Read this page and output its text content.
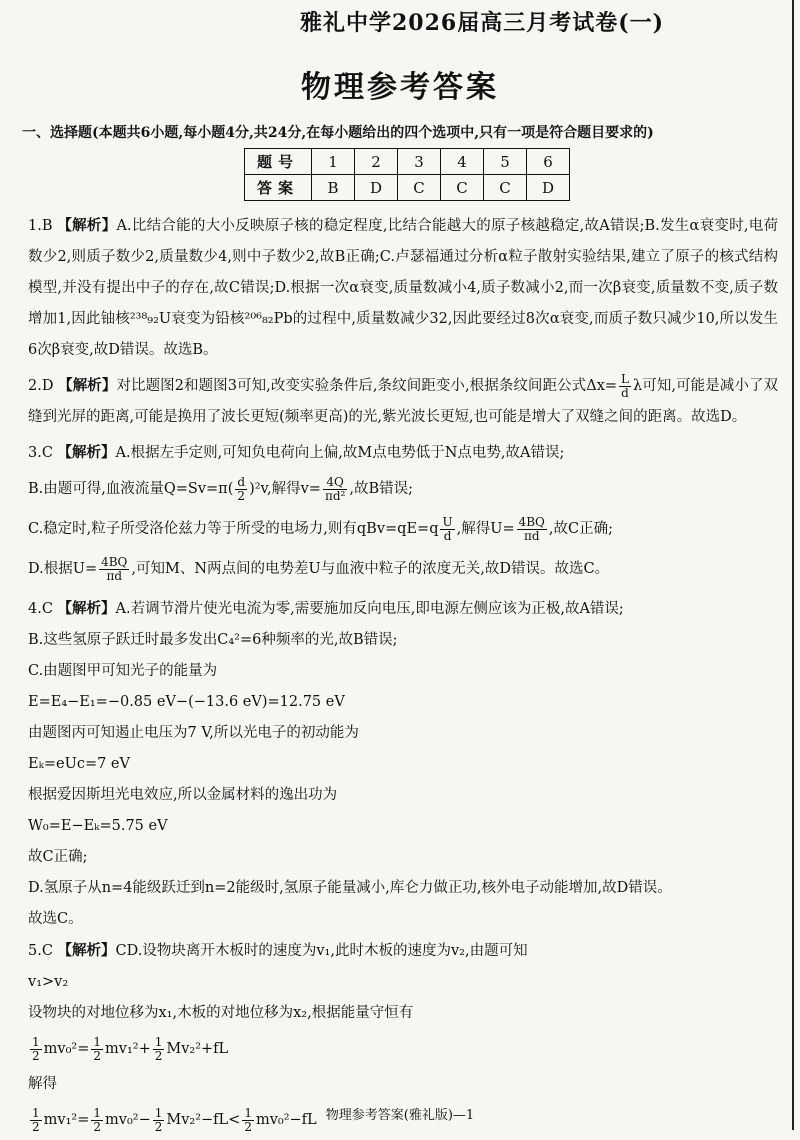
雅礼中学2026届高三月考试卷(一)
物理参考答案
一、选择题(本题共6小题,每小题4分,共24分,在每小题给出的四个选项中,只有一项是符合题目要求的)
题号	1	2	3	4	5	6
答案	B	D	C	C	C	D
1.B 【解析】A.比结合能的大小反映原子核的稳定程度,比结合能越大的原子核越稳定,故A错误;B.发生α衰变时,电荷数少2,则质子数少2,质量数少4,则中子数少2,故B正确;C.卢瑟福通过分析α粒子散射实验结果,建立了原子的核式结构模型,并没有提出中子的存在,故C错误;D.根据一次α衰变,质量数减小4,质子数减小2,而一次β衰变,质量数不变,质子数增加1,因此铀核²³⁸₉₂U衰变为铅核²⁰⁶₈₂Pb的过程中,质量数减少32,因此要经过8次α衰变,而质子数只减少10,所以发生6次β衰变,故D错误。故选B。
2.D 【解析】对比题图2和题图3可知,改变实验条件后,条纹间距变小,根据条纹间距公式$\Delta x= \frac{L}{d}$ λ可知,可能是减小了双缝到光屏的距离,可能是换用了波长更短(频率更高)的光,紫光波长更短,也可能是增大了双缝之间的距离。故选D。
3.C 【解析】A.根据左手定则,可知负电荷向上偏,故M点电势低于N点电势,故A错误;
B.由题可得,血液流量$Q=Sv=\pi( \frac{d}{2} )^2v$,解得$v= \frac{4Q}{\text{πd²}}$ ,故B错误;
C.稳定时,粒子所受洛伦兹力等于所受的电场力,则有$qBv=qE=q \frac{U}{d}$ ,解得$U= \frac{4BQ}{\pi d}$ ,故C正确;
D.根据$U= \frac{4BQ}{\pi d}$ ,可知M、N两点间的电势差U与血液中粒子的浓度无关,故D错误。故选C。
4.C 【解析】A.若调节滑片使光电流为零,需要施加反向电压,即电源左侧应该为正极,故A错误;
B.这些氢原子跃迁时最多发出C₄²=6种频率的光,故B错误;
C.由题图甲可知光子的能量为
E=E₄−E₁=−0.85 eV−(−13.6 eV)=12.75 eV
由题图丙可知遏止电压为7 V,所以光电子的初动能为
Eₖ=eUc=7 eV
根据爱因斯坦光电效应,所以金属材料的逸出功为
W₀=E−Eₖ=5.75 eV
故C正确;
D.氢原子从n=4能级跃迁到n=2能级时,氢原子能量减小,库仑力做正功,核外电子动能增加,故D错误。
故选C。
5.C 【解析】CD.设物块离开木板时的速度为v₁,此时木板的速度为v₂,由题可知
v₁>v₂
设物块的对地位移为x₁,木板的对地位移为x₂,根据能量守恒有
$\frac{1}{2} mv_0^2= \frac{1}{2} mv_1^2+ \frac{1}{2} Mv_2^2+fL$
解得
$\frac{1}{2} mv_1^2= \frac{1}{2} mv_0^2- \frac{1}{2} Mv_2^2-fL< \frac{1}{2} mv_0^2-fL$ 物理参考答案(雅礼版)—1
